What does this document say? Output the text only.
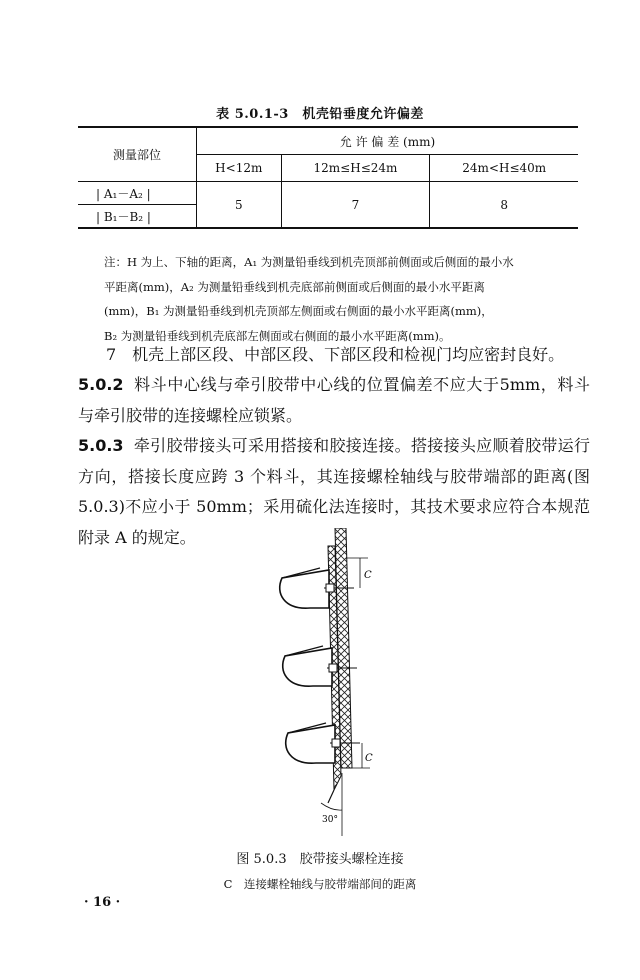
表 5.0.1-3　机壳铅垂度允许偏差
测量部位	允 许 偏 差 (mm)		
	H<12m	12m≤H≤24m	24m<H≤40m
| A₁－A₂ |	5	7	8
| B₁－B₂ |			
注：H 为上、下轴的距离，A₁ 为测量铅垂线到机壳顶部前侧面或后侧面的最小水
平距离(mm)，A₂ 为测量铅垂线到机壳底部前侧面或后侧面的最小水平距离
(mm)，B₁ 为测量铅垂线到机壳顶部左侧面或右侧面的最小水平距离(mm)，
B₂ 为测量铅垂线到机壳底部左侧面或右侧面的最小水平距离(mm)。
7　机壳上部区段、中部区段、下部区段和检视门均应密封良好。
5.0.2 料斗中心线与牵引胶带中心线的位置偏差不应大于5mm，料斗与牵引胶带的连接螺栓应锁紧。
5.0.3 牵引胶带接头可采用搭接和胶接连接。搭接接头应顺着胶带运行方向，搭接长度应跨 3 个料斗，其连接螺栓轴线与胶带端部的距离(图 5.0.3)不应小于 50mm；采用硫化法连接时，其技术要求应符合本规范附录 A 的规定。
C
C
30°
图 5.0.3　胶带接头螺栓连接
C　连接螺栓轴线与胶带端部间的距离
· 16 ·
